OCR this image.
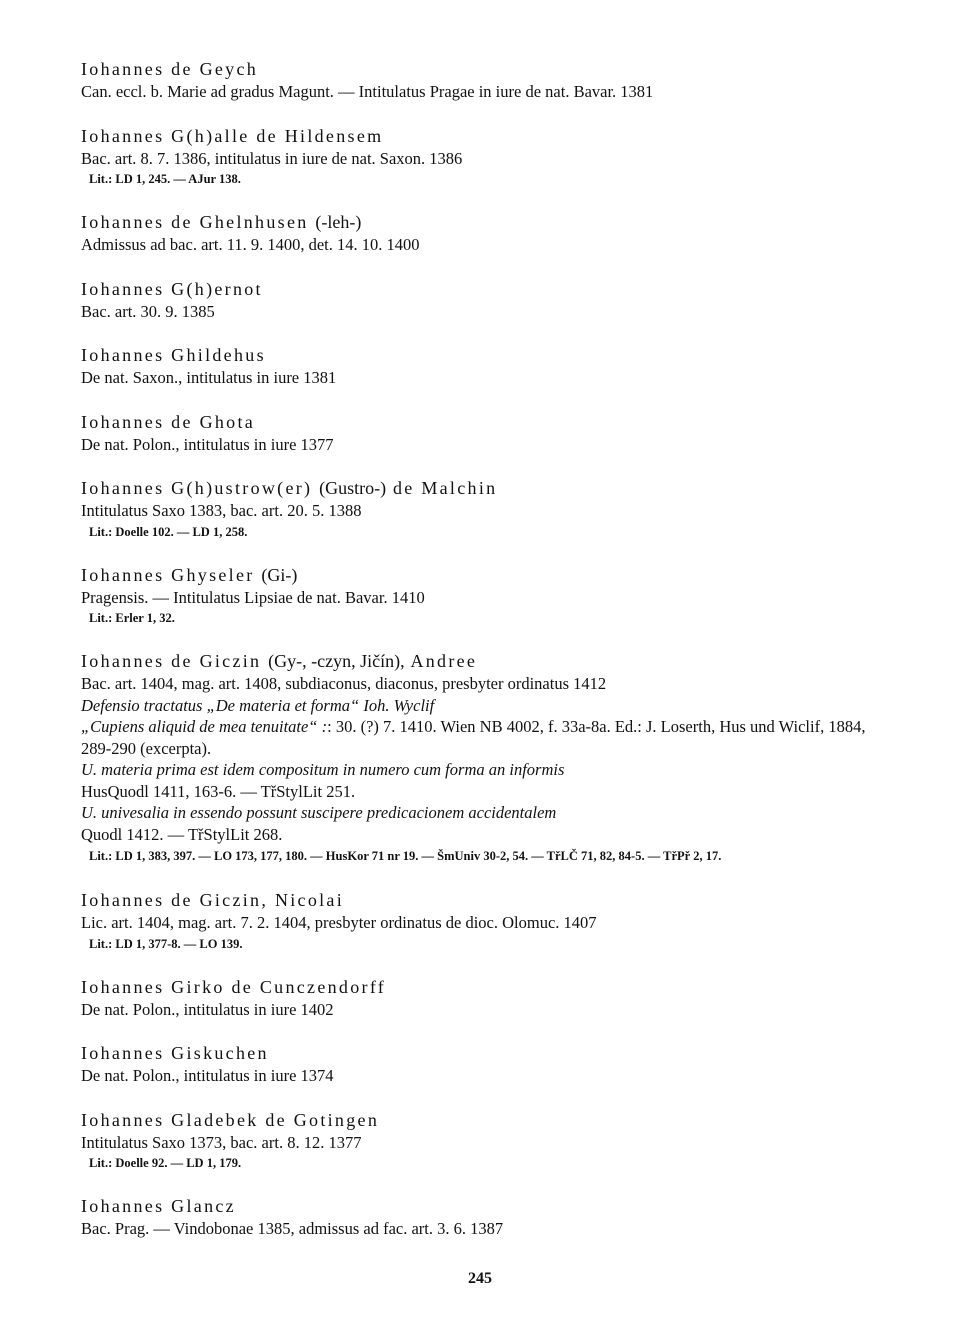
Iohannes de Geych
Can. eccl. b. Marie ad gradus Magunt. — Intitulatus Pragae in iure de nat. Bavar. 1381
Iohannes G(h)alle de Hildensem
Bac. art. 8. 7. 1386, intitulatus in iure de nat. Saxon. 1386
Lit.: LD 1, 245. — AJur 138.
Iohannes de Ghelnhusen (-leh-)
Admissus ad bac. art. 11. 9. 1400, det. 14. 10. 1400
Iohannes G(h)ernot
Bac. art. 30. 9. 1385
Iohannes Ghildehus
De nat. Saxon., intitulatus in iure 1381
Iohannes de Ghota
De nat. Polon., intitulatus in iure 1377
Iohannes G(h)ustrow(er) (Gustro-) de Malchin
Intitulatus Saxo 1383, bac. art. 20. 5. 1388
Lit.: Doelle 102. — LD 1, 258.
Iohannes Ghyseler (Gi-)
Pragensis. — Intitulatus Lipsiae de nat. Bavar. 1410
Lit.: Erler 1, 32.
Iohannes de Giczin (Gy-, -czyn, Jičín), Andree
Bac. art. 1404, mag. art. 1408, subdiaconus, diaconus, presbyter ordinatus 1412
Defensio tractatus „De materia et forma“ Ioh. Wyclif
„Cupiens aliquid de mea tenuitate“ :: 30. (?) 7. 1410. Wien NB 4002, f. 33a-8a. Ed.: J. Loserth, Hus und Wiclif, 1884, 289-290 (excerpta).
U. materia prima est idem compositum in numero cum forma an informis
HusQuodl 1411, 163-6. — TřStylLit 251.
U. univesalia in essendo possunt suscipere predicacionem accidentalem
Quodl 1412. — TřStylLit 268.
Lit.: LD 1, 383, 397. — LO 173, 177, 180. — HusKor 71 nr 19. — ŠmUniv 30-2, 54. — TřLČ 71, 82, 84-5. — TřPř 2, 17.
Iohannes de Giczin, Nicolai
Lic. art. 1404, mag. art. 7. 2. 1404, presbyter ordinatus de dioc. Olomuc. 1407
Lit.: LD 1, 377-8. — LO 139.
Iohannes Girko de Cunczendorff
De nat. Polon., intitulatus in iure 1402
Iohannes Giskuchen
De nat. Polon., intitulatus in iure 1374
Iohannes Gladebek de Gotingen
Intitulatus Saxo 1373, bac. art. 8. 12. 1377
Lit.: Doelle 92. — LD 1, 179.
Iohannes Glancz
Bac. Prag. — Vindobonae 1385, admissus ad fac. art. 3. 6. 1387
245
